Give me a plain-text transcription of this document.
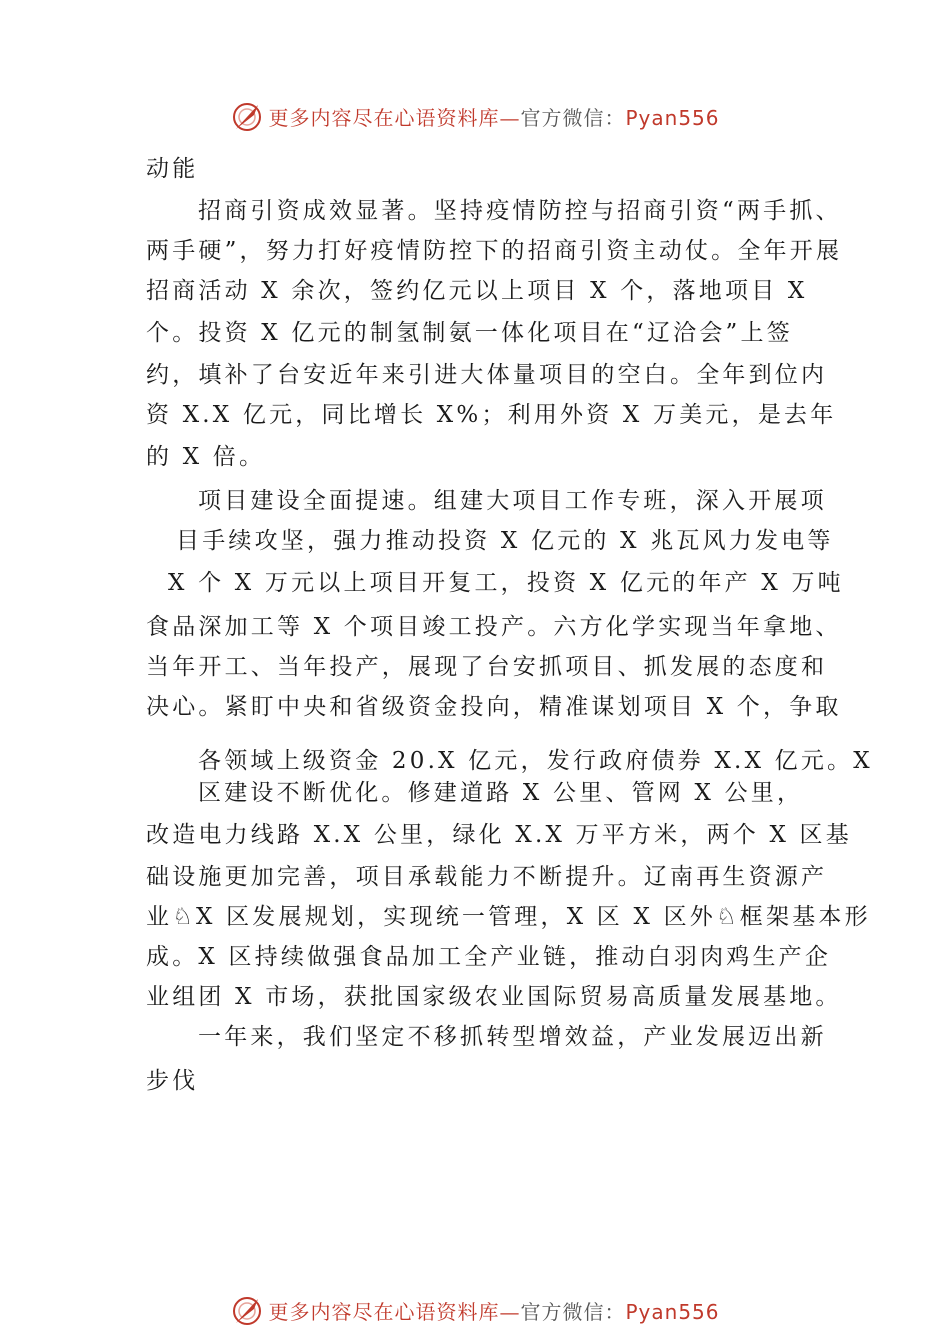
更多内容尽在心语资料库—官方微信：Pyan556
动能
招商引资成效显著。坚持疫情防控与招商引资“两手抓、
两手硬”，努力打好疫情防控下的招商引资主动仗。全年开展
招商活动 X 余次，签约亿元以上项目 X 个，落地项目 X
个。投资 X 亿元的制氢制氨一体化项目在“辽洽会”上签
约，填补了台安近年来引进大体量项目的空白。全年到位内
资 X.X 亿元，同比增长 X%；利用外资 X 万美元，是去年
的 X 倍。
项目建设全面提速。组建大项目工作专班，深入开展项
目手续攻坚，强力推动投资 X 亿元的 X 兆瓦风力发电等
X 个 X 万元以上项目开复工，投资 X 亿元的年产 X 万吨
食品深加工等 X 个项目竣工投产。六方化学实现当年拿地、
当年开工、当年投产，展现了台安抓项目、抓发展的态度和
决心。紧盯中央和省级资金投向，精准谋划项目 X 个，争取
各领域上级资金 20.X 亿元，发行政府债券 X.X 亿元。X
区建设不断优化。修建道路 X 公里、管网 X 公里，
改造电力线路 X.X 公里，绿化 X.X 万平方米，两个 X 区基
础设施更加完善，项目承载能力不断提升。辽南再生资源产
业♘X 区发展规划，实现统一管理，X 区 X 区外♘框架基本形
成。X 区持续做强食品加工全产业链，推动白羽肉鸡生产企
业组团 X 市场，获批国家级农业国际贸易高质量发展基地。
一年来，我们坚定不移抓转型增效益，产业发展迈出新
步伐
更多内容尽在心语资料库—官方微信：Pyan556
